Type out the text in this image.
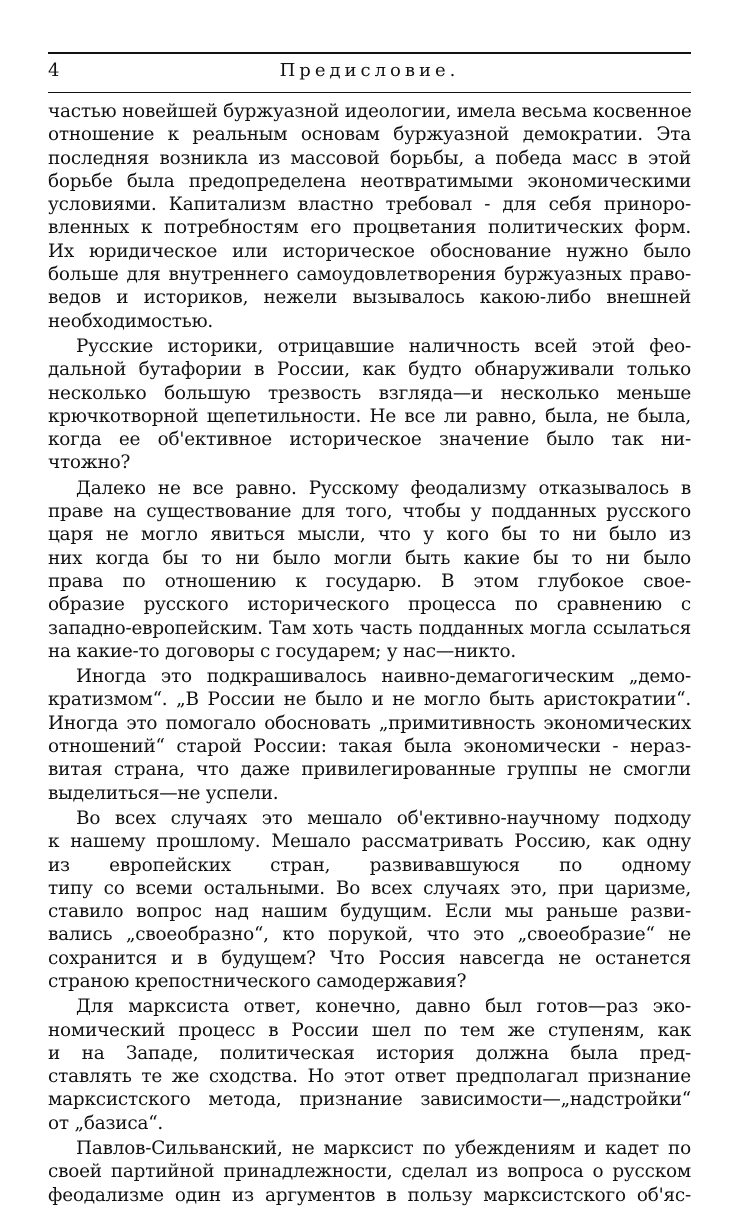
4	Предисловие.
частью новейшей буржуазной идеологии, имела весьма косвенное
отношение к реальным основам буржуазной демократии. Эта
последняя возникла из массовой борьбы, а победа масс в этой
борьбе была предопределена неотвратимыми экономическими
условиями. Капитализм властно требовал - для себя приноро-
вленных к потребностям его процветания политических форм.
Их юридическое или историческое обоснование нужно было
больше для внутреннего самоудовлетворения буржуазных право-
ведов и историков, нежели вызывалось какою-либо внешней
необходимостью.
Русские историки, отрицавшие наличность всей этой фео-
дальной бутафории в России, как будто обнаруживали только
несколько большую трезвость взгляда—и несколько меньше
крючкотворной щепетильности. Не все ли равно, была, не была,
когда ее об'ективное историческое значение было так ни-
чтожно?
Далеко не все равно. Русскому феодализму отказывалось в
праве на существование для того, чтобы у подданных русского
царя не могло явиться мысли, что у кого бы то ни было из
них когда бы то ни было могли быть какие бы то ни было
права по отношению к государю. В этом глубокое свое-
образие русского исторического процесса по сравнению с
западно-европейским. Там хоть часть подданных могла ссылаться
на какие-то договоры с государем; у нас—никто.
Иногда это подкрашивалось наивно-демагогическим „демо-
кратизмом“. „В России не было и не могло быть аристократии“.
Иногда это помогало обосновать „примитивность экономических
отношений“ старой России: такая была экономически - нераз-
витая страна, что даже привилегированные группы не смогли
выделиться—не успели.
Во всех случаях это мешало об'ективно-научному подходу
к нашему прошлому. Мешало рассматривать Россию, как одну
из европейских стран, развивавшуюся по одному
типу со всеми остальными. Во всех случаях это, при царизме,
ставило вопрос над нашим будущим. Если мы раньше разви-
вались „своеобразно“, кто порукой, что это „своеобразие“ не
сохранится и в будущем? Что Россия навсегда не останется
страною крепостнического самодержавия?
Для марксиста ответ, конечно, давно был готов—раз эко-
номический процесс в России шел по тем же ступеням, как
и на Западе, политическая история должна была пред-
ставлять те же сходства. Но этот ответ предполагал признание
марксистского метода, признание зависимости—„надстройки“
от „базиса“.
Павлов-Сильванский, не марксист по убеждениям и кадет по
своей партийной принадлежности, сделал из вопроса о русском
феодализме один из аргументов в пользу марксистского об'яс-
